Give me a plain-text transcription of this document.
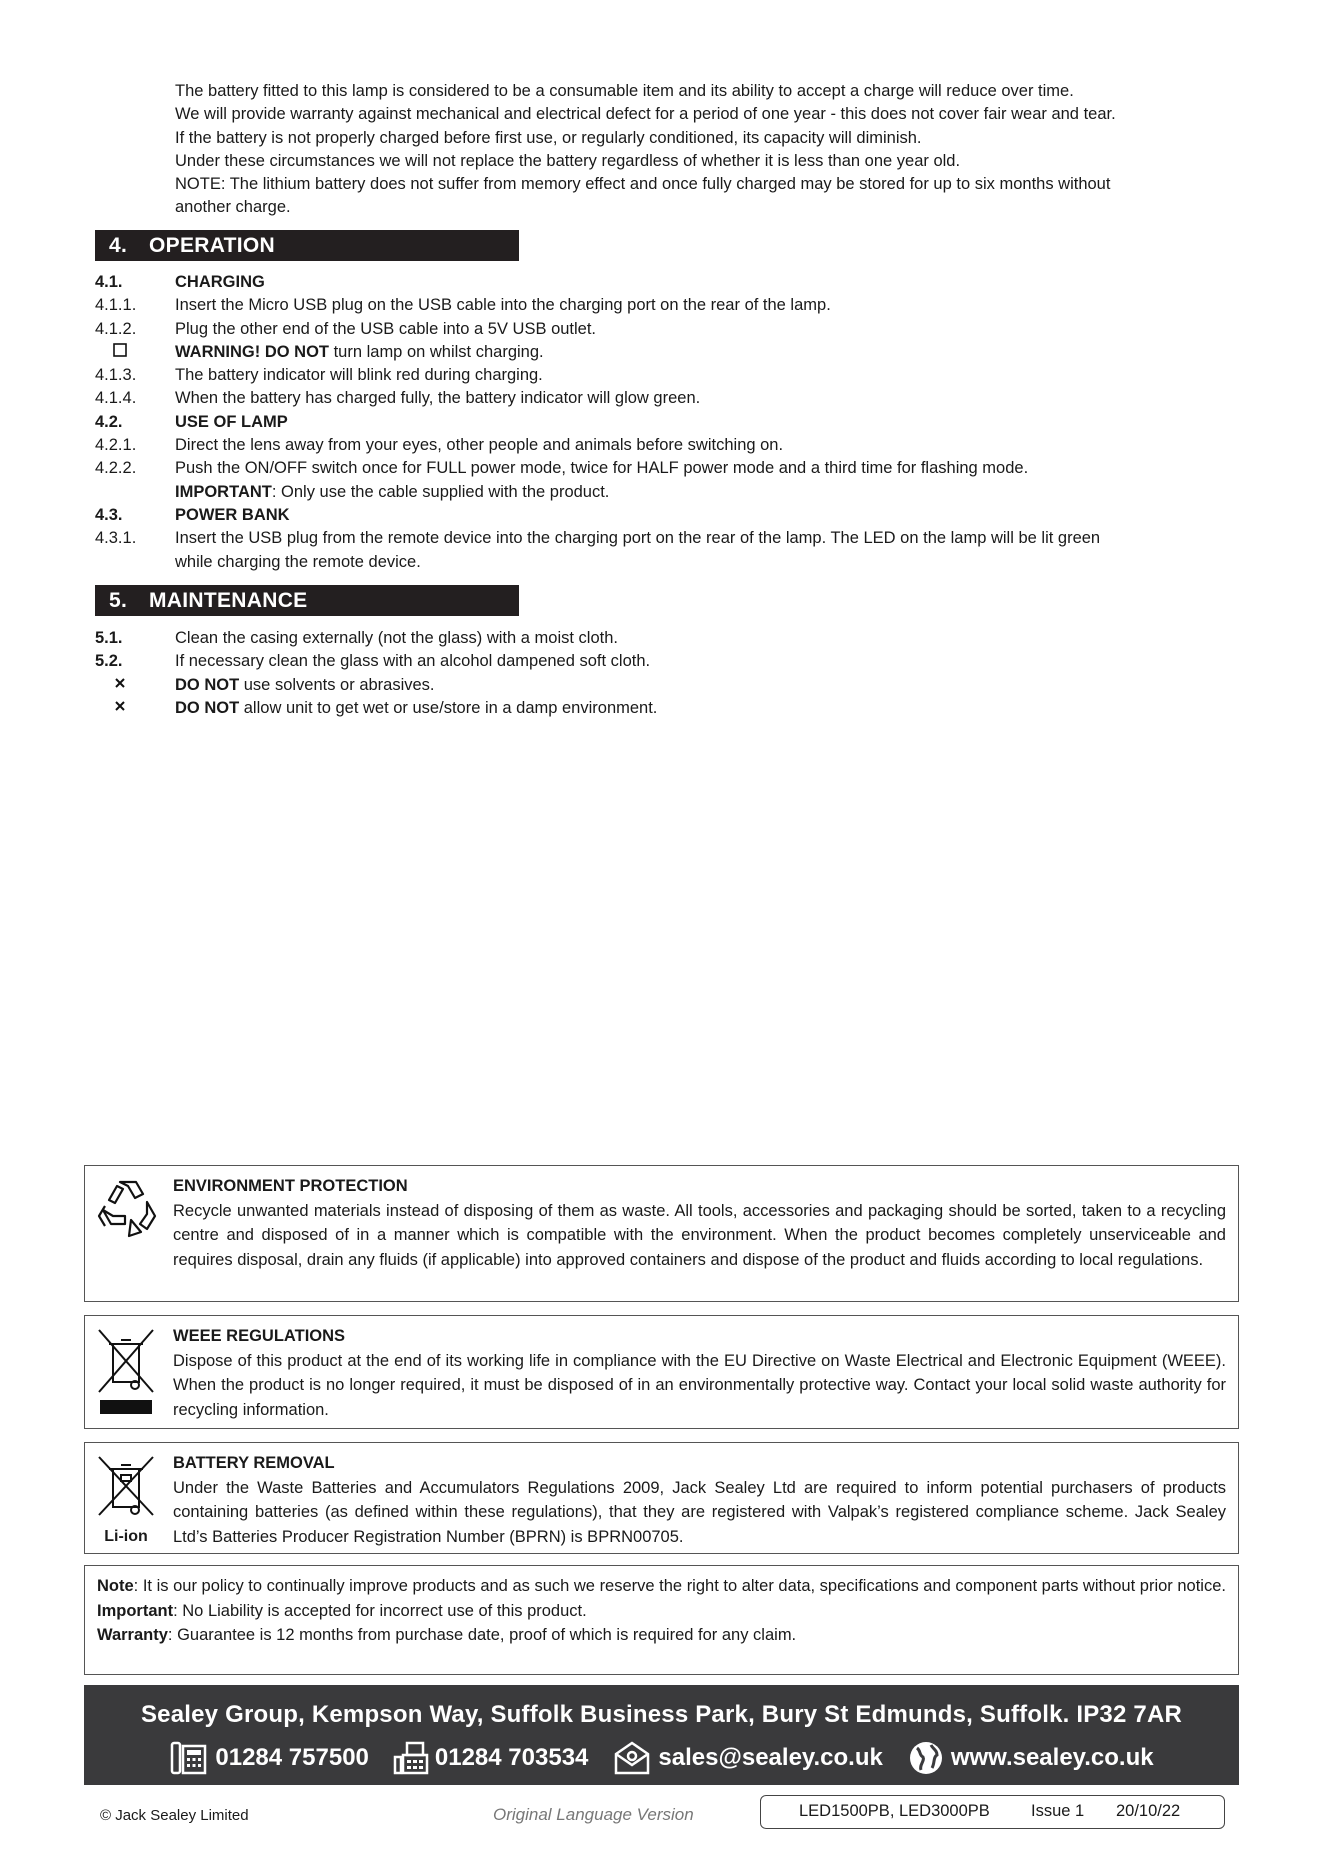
The battery fitted to this lamp is considered to be a consumable item and its ability to accept a charge will reduce over time.

We will provide warranty against mechanical and electrical defect for a period of one year - this does not cover fair wear and tear.

If the battery is not properly charged before first use, or regularly conditioned, its capacity will diminish.

Under these circumstances we will not replace the battery regardless of whether it is less than one year old.

NOTE: The lithium battery does not suffer from memory effect and once fully charged may be stored for up to six months without

another charge.

4. OPERATION
4.1.	CHARGING
4.1.1.	Insert the Micro USB plug on the USB cable into the charging port on the rear of the lamp.
4.1.2.	Plug the other end of the USB cable into a 5V USB outlet.
WARNING! DO NOT turn lamp on whilst charging.
4.1.3.	The battery indicator will blink red during charging.
4.1.4.	When the battery has charged fully, the battery indicator will glow green.
4.2.	USE OF LAMP
4.2.1.	Direct the lens away from your eyes, other people and animals before switching on.
4.2.2.	Push the ON/OFF switch once for FULL power mode, twice for HALF power mode and a third time for flashing mode.
IMPORTANT: Only use the cable supplied with the product.
4.3.	POWER BANK
4.3.1.	Insert the USB plug from the remote device into the charging port on the rear of the lamp. The LED on the lamp will be lit green
while charging the remote device.
5. MAINTENANCE
5.1.	Clean the casing externally (not the glass) with a moist cloth.
5.2.	If necessary clean the glass with an alcohol dampened soft cloth.
DO NOT use solvents or abrasives.
DO NOT allow unit to get wet or use/store in a damp environment.
ENVIRONMENT PROTECTION
Recycle unwanted materials instead of disposing of them as waste. All tools, accessories and packaging should be sorted, taken to a recycling centre and disposed of in a manner which is compatible with the environment. When the product becomes completely unserviceable and requires disposal, drain any fluids (if applicable) into approved containers and dispose of the product and fluids according to local regulations.
WEEE REGULATIONS
Dispose of this product at the end of its working life in compliance with the EU Directive on Waste Electrical and Electronic Equipment (WEEE). When the product is no longer required, it must be disposed of in an environmentally protective way. Contact your local solid waste authority for recycling information.
Li-ion
BATTERY REMOVAL
Under the Waste Batteries and Accumulators Regulations 2009, Jack Sealey Ltd are required to inform potential purchasers of products containing batteries (as defined within these regulations), that they are registered with Valpak’s registered compliance scheme. Jack Sealey Ltd’s Batteries Producer Registration Number (BPRN) is BPRN00705.

Note: It is our policy to continually improve products and as such we reserve the right to alter data, specifications and component parts without prior notice.

Important: No Liability is accepted for incorrect use of this product.

Warranty: Guarantee is 12 months from purchase date, proof of which is required for any claim.

Sealey Group, Kempson Way, Suffolk Business Park, Bury St Edmunds, Suffolk. IP32 7AR
01284 757500	01284 703534	sales@sealey.co.uk	www.sealey.co.uk
© Jack Sealey Limited	Original Language Version	LED1500PB, LED3000PB Issue 1 20/10/22
